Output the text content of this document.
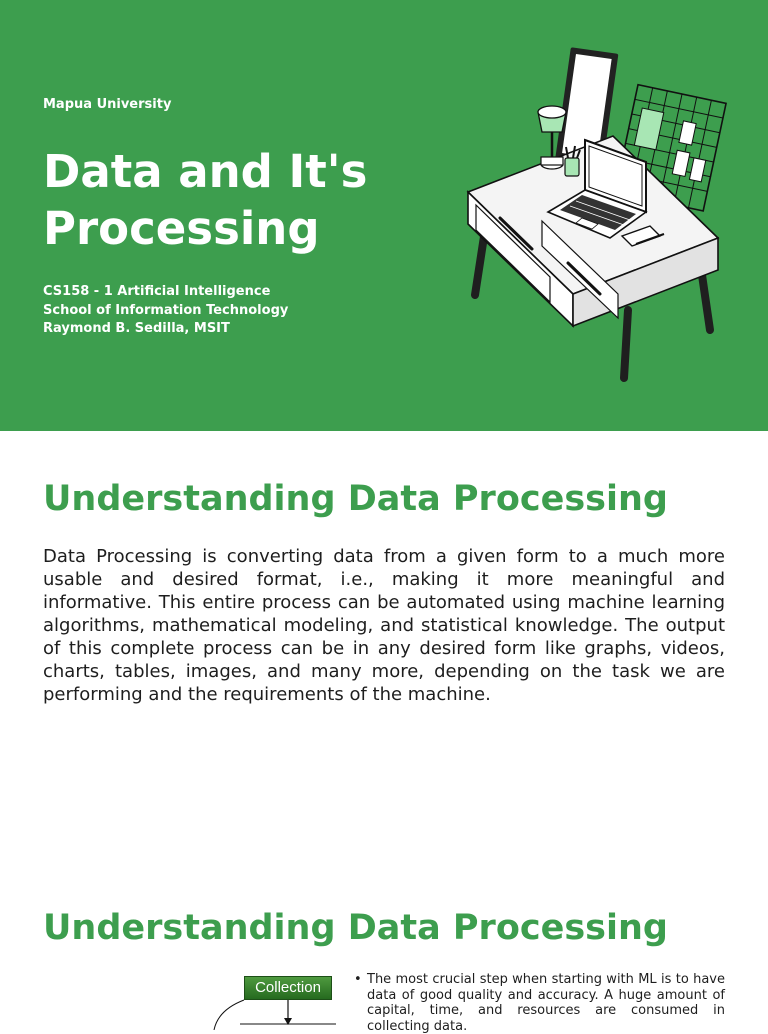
Mapua University
Data and It's Processing
CS158 - 1 Artificial Intelligence
School of Information Technology
Raymond B. Sedilla, MSIT
Understanding Data Processing

Data Processing is converting data from a given form to a much more usable and desired format, i.e., making it more meaningful and informative. This entire process can be automated using machine learning algorithms, mathematical modeling, and statistical knowledge. The output of this complete process can be in any desired form like graphs, videos, charts, tables, images, and many more, depending on the task we are performing and the requirements of the machine.

Understanding Data Processing
Collection
•	The most crucial step when starting with ML is to have data of good quality and accuracy. A huge amount of capital, time, and resources are consumed in collecting data.
